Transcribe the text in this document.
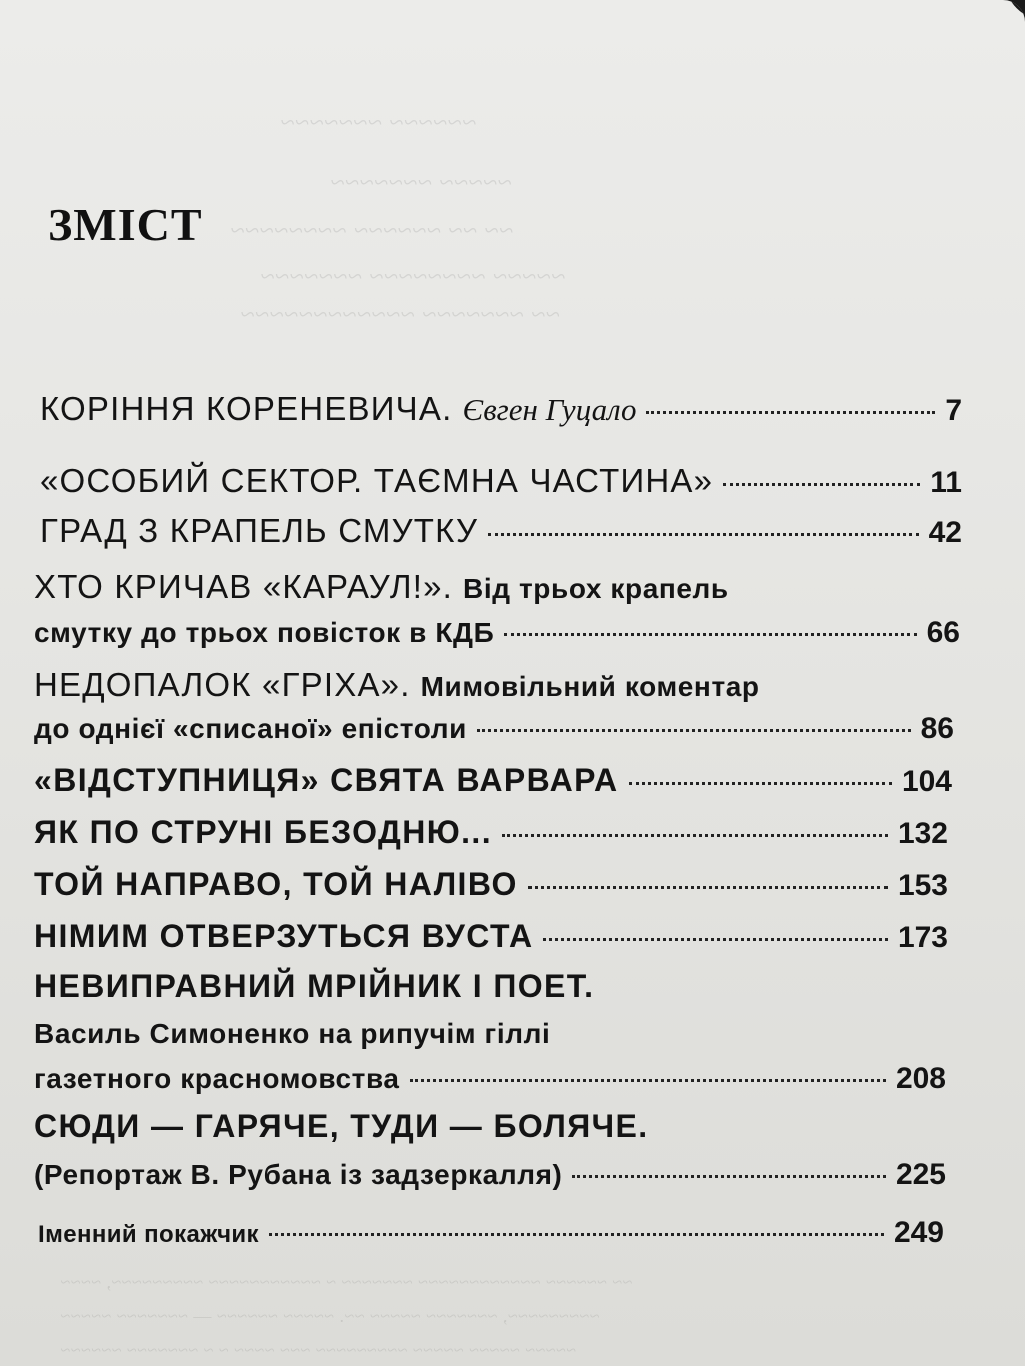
~~~~~~ ~~~~~~~
~~~~~ ~~~~~~~
~~ ~~ ~~~~~~ ~~~~~~~~
~~~~~ ~~~~~~~~ ~~~~~~~
~~ ~~~~~~~ ~~~~~~~~~~~~
ЗМІСТ
КОРІННЯ КОРЕНЕВИЧА. Євген Гуцало	7
«ОСОБИЙ СЕКТОР. ТАЄМНА ЧАСТИНА»	11
ГРАД З КРАПЕЛЬ СМУТКУ	42
ХТО КРИЧАВ «КАРАУЛ!». Від трьох крапель
смутку до трьох повісток в КДБ	66
НЕДОПАЛОК «ГРІХА». Мимовільний коментар
до однієї «списаної» епістоли	86
«ВІДСТУПНИЦЯ» СВЯТА ВАРВАРА	104
ЯК ПО СТРУНІ БЕЗОДНЮ...	132
ТОЙ НАПРАВО, ТОЙ НАЛІВО	153
НІМИМ ОТВЕРЗУТЬСЯ ВУСТА	173
НЕВИПРАВНИЙ МРІЙНИК І ПОЕТ.
Василь Симоненко на рипучім гіллі
газетного красномовства	208
СЮДИ — ГАРЯЧЕ, ТУДИ — БОЛЯЧЕ.
(Репортаж В. Рубана із задзеркалля)	225
Іменний покажчик	249
~~ ~~~~~~ ~~~~~~~~~~~~ ~~~~~~~ ~ ~~~~~~~~~~~ ~~~~~~~~~, ~~~~
~~~~~~~~~, ~~~~~~~ ~~~~~ ~~. ~~~~~ ~~~~~~ — ~~~~~~~ ~~~~~
~~~~~ ~~~~~ ~~~~~ ~~~~~~~~~ ~~~ ~~~~ ~ ~ ~~~~~~~ ~~~~~~
